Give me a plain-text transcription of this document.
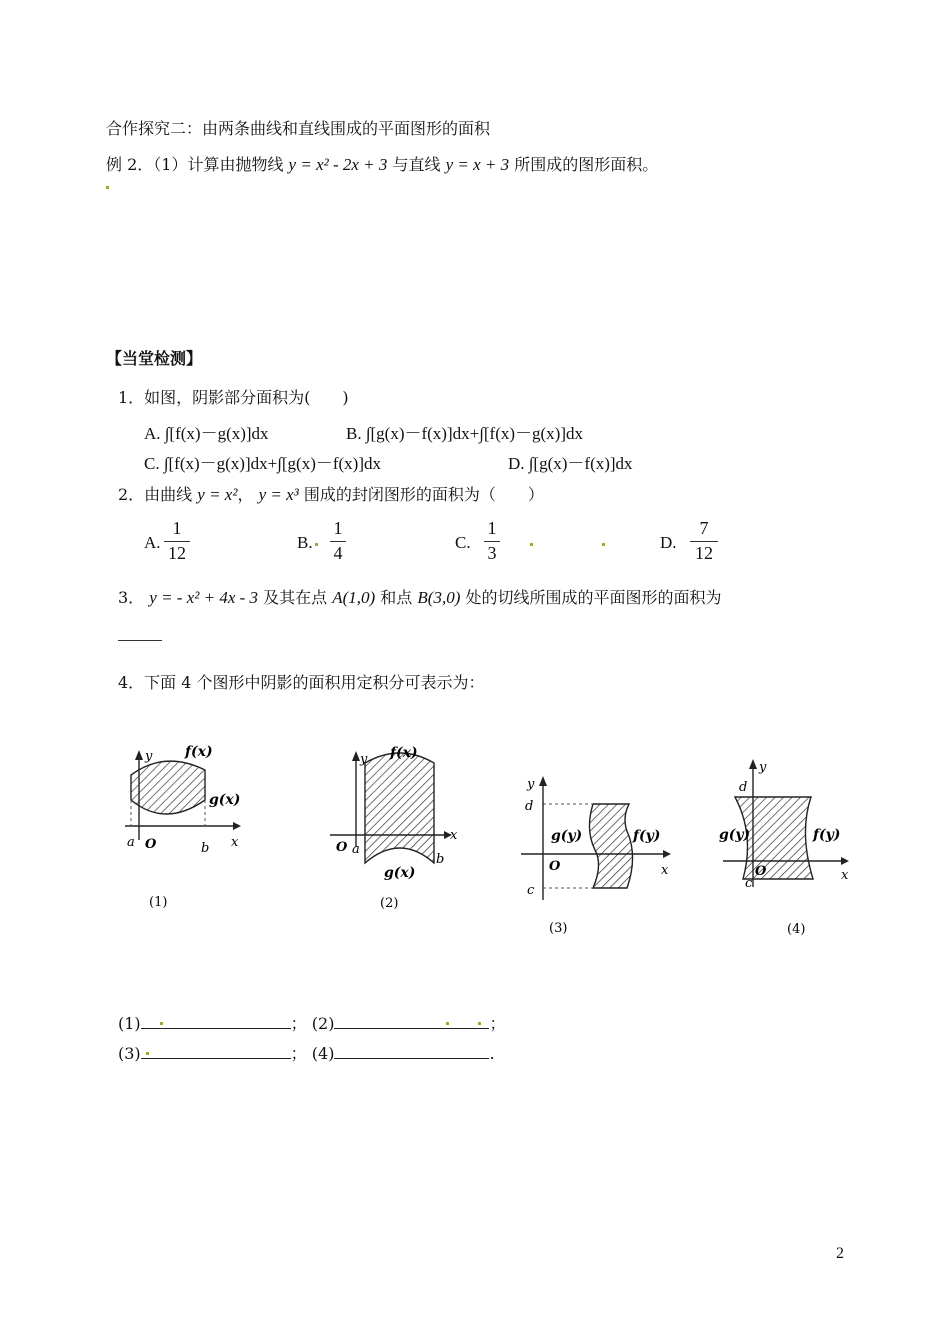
合作探究二：由两条曲线和直线围成的平面图形的面积
例 2．（1）计算由抛物线 y = x² - 2x + 3 与直线 y = x + 3 所围成的图形面积。
【当堂检测】
1．如图，阴影部分面积为(　　)
A. ∫[f(x)－g(x)]dx	B. ∫[g(x)－f(x)]dx+∫[f(x)－g(x)]dx
C. ∫[f(x)－g(x)]dx+∫[g(x)－f(x)]dx	D. ∫[g(x)－f(x)]dx
2．由曲线 y = x²， y = x³ 围成的封闭图形的面积为（　　）
A.
1
12
B.
1
4
C.
1
3
D.
7
12
3． y = - x² + 4x - 3 及其在点 A(1,0) 和点 B(3,0) 处的切线所围成的平面图形的面积为
4．下面 4 个图形中阴影的面积用定积分可表示为：
y f(x)
g(x)
x
a O	b
(1)
y f(x)
x
O a
b
g(x)
(2)
y
d
g(y)	f(y)
O	x
c
(3)
y
d
g(y)	f(y)
O
c
x
(4)
(1)	； (2)	；
(3)	； (4)	.
2
